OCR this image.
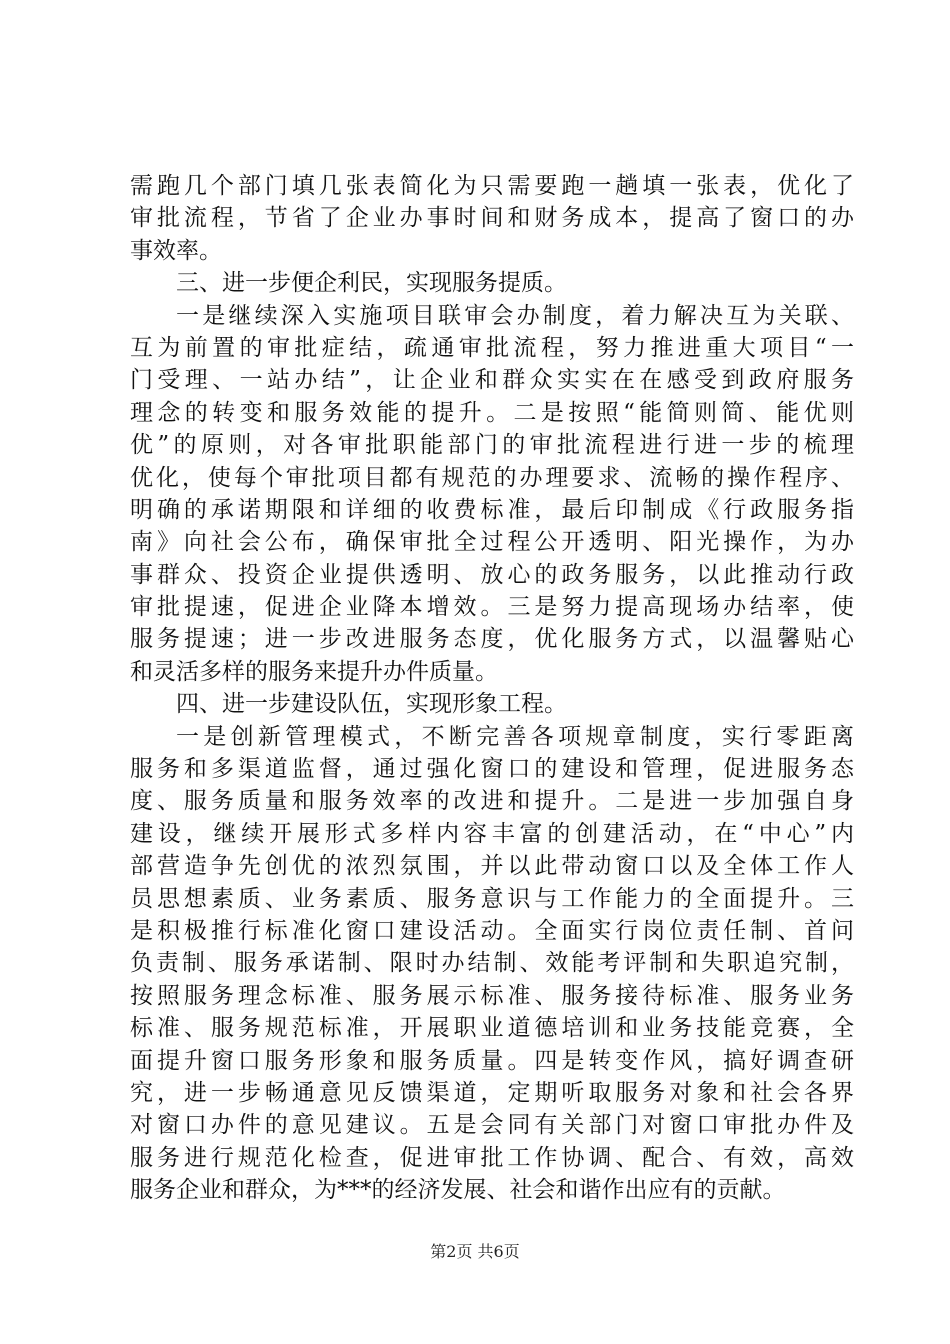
需跑几个部门填几张表简化为只需要跑一趟填一张表，优化了
审批流程，节省了企业办事时间和财务成本，提高了窗口的办
事效率。
三、进一步便企利民，实现服务提质。
一是继续深入实施项目联审会办制度，着力解决互为关联、
互为前置的审批症结，疏通审批流程，努力推进重大项目“一
门受理、一站办结”，让企业和群众实实在在感受到政府服务
理念的转变和服务效能的提升。二是按照“能简则简、能优则
优”的原则，对各审批职能部门的审批流程进行进一步的梳理
优化，使每个审批项目都有规范的办理要求、流畅的操作程序、
明确的承诺期限和详细的收费标准，最后印制成《行政服务指
南》向社会公布，确保审批全过程公开透明、阳光操作，为办
事群众、投资企业提供透明、放心的政务服务，以此推动行政
审批提速，促进企业降本增效。三是努力提高现场办结率，使
服务提速；进一步改进服务态度，优化服务方式，以温馨贴心
和灵活多样的服务来提升办件质量。
四、进一步建设队伍，实现形象工程。
一是创新管理模式，不断完善各项规章制度，实行零距离
服务和多渠道监督，通过强化窗口的建设和管理，促进服务态
度、服务质量和服务效率的改进和提升。二是进一步加强自身
建设，继续开展形式多样内容丰富的创建活动，在“中心”内
部营造争先创优的浓烈氛围，并以此带动窗口以及全体工作人
员思想素质、业务素质、服务意识与工作能力的全面提升。三
是积极推行标准化窗口建设活动。全面实行岗位责任制、首问
负责制、服务承诺制、限时办结制、效能考评制和失职追究制，
按照服务理念标准、服务展示标准、服务接待标准、服务业务
标准、服务规范标准，开展职业道德培训和业务技能竞赛，全
面提升窗口服务形象和服务质量。四是转变作风，搞好调查研
究，进一步畅通意见反馈渠道，定期听取服务对象和社会各界
对窗口办件的意见建议。五是会同有关部门对窗口审批办件及
服务进行规范化检查，促进审批工作协调、配合、有效，高效
服务企业和群众，为***的经济发展、社会和谐作出应有的贡献。
第2页 共6页
